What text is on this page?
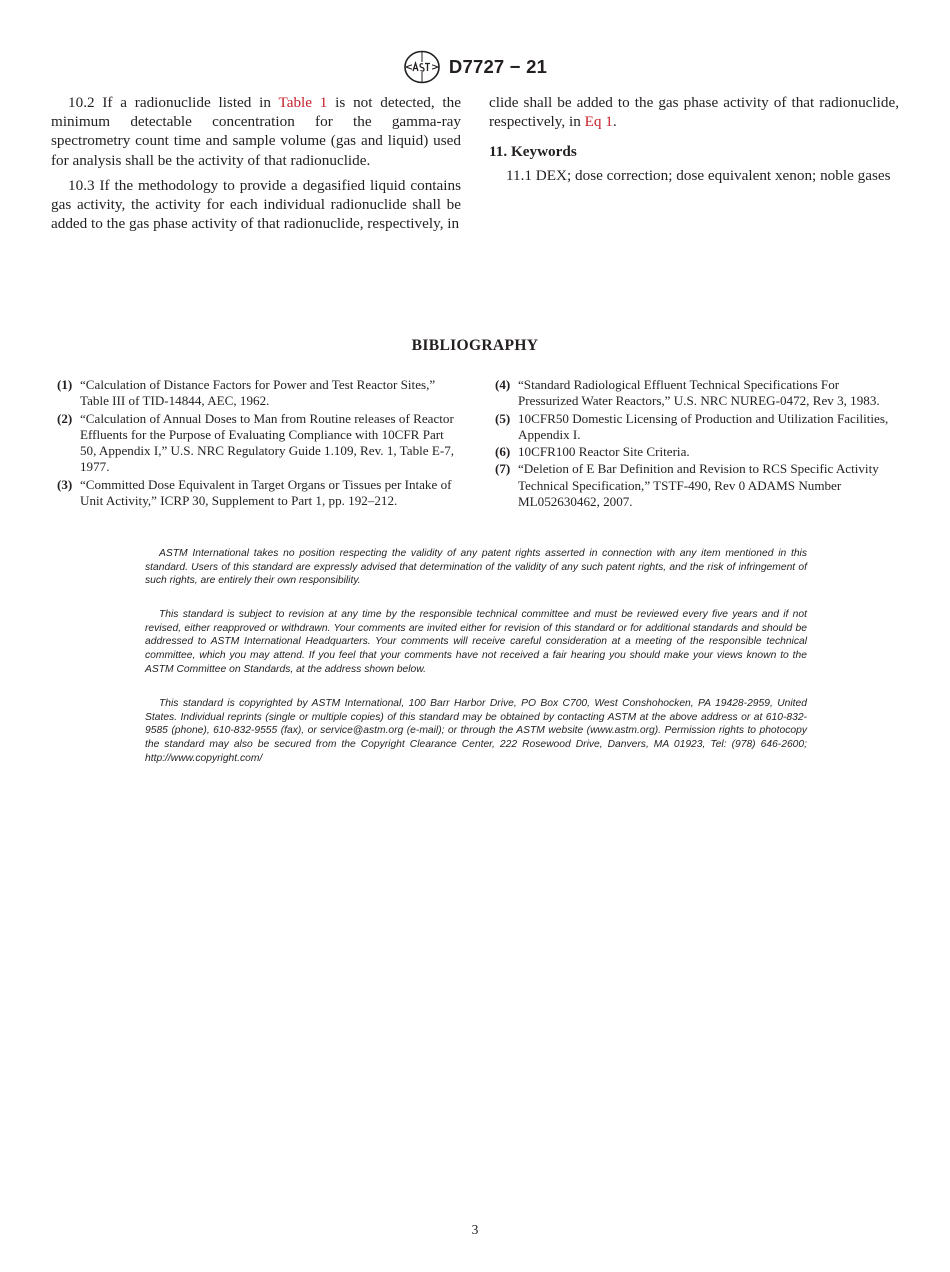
D7727 − 21

10.2 If a radionuclide listed in Table 1 is not detected, the minimum detectable concentration for the gamma-ray spectrometry count time and sample volume (gas and liquid) used for analysis shall be the activity of that radionuclide.

10.3 If the methodology to provide a degasified liquid contains gas activity, the activity for each individual radionuclide shall be added to the gas phase activity of that radionuclide, respectively, in

clide shall be added to the gas phase activity of that radionuclide, respectively, in Eq 1.

11. Keywords

11.1 DEX; dose correction; dose equivalent xenon; noble gases

BIBLIOGRAPHY
(1) “Calculation of Distance Factors for Power and Test Reactor Sites,” Table III of TID-14844, AEC, 1962.
(2) “Calculation of Annual Doses to Man from Routine releases of Reactor Effluents for the Purpose of Evaluating Compliance with 10CFR Part 50, Appendix I,” U.S. NRC Regulatory Guide 1.109, Rev. 1, Table E-7, 1977.
(3) “Committed Dose Equivalent in Target Organs or Tissues per Intake of Unit Activity,” ICRP 30, Supplement to Part 1, pp. 192–212.
(4) “Standard Radiological Effluent Technical Specifications For Pressurized Water Reactors,” U.S. NRC NUREG-0472, Rev 3, 1983.
(5) 10CFR50 Domestic Licensing of Production and Utilization Facilities, Appendix I.
(6) 10CFR100 Reactor Site Criteria.
(7) “Deletion of E Bar Definition and Revision to RCS Specific Activity Technical Specification,” TSTF-490, Rev 0 ADAMS Number ML052630462, 2007.

ASTM International takes no position respecting the validity of any patent rights asserted in connection with any item mentioned in this standard. Users of this standard are expressly advised that determination of the validity of any such patent rights, and the risk of infringement of such rights, are entirely their own responsibility.

This standard is subject to revision at any time by the responsible technical committee and must be reviewed every five years and if not revised, either reapproved or withdrawn. Your comments are invited either for revision of this standard or for additional standards and should be addressed to ASTM International Headquarters. Your comments will receive careful consideration at a meeting of the responsible technical committee, which you may attend. If you feel that your comments have not received a fair hearing you should make your views known to the ASTM Committee on Standards, at the address shown below.

This standard is copyrighted by ASTM International, 100 Barr Harbor Drive, PO Box C700, West Conshohocken, PA 19428-2959, United States. Individual reprints (single or multiple copies) of this standard may be obtained by contacting ASTM at the above address or at 610-832-9585 (phone), 610-832-9555 (fax), or service@astm.org (e-mail); or through the ASTM website (www.astm.org). Permission rights to photocopy the standard may also be secured from the Copyright Clearance Center, 222 Rosewood Drive, Danvers, MA 01923, Tel: (978) 646-2600; http://www.copyright.com/

3
